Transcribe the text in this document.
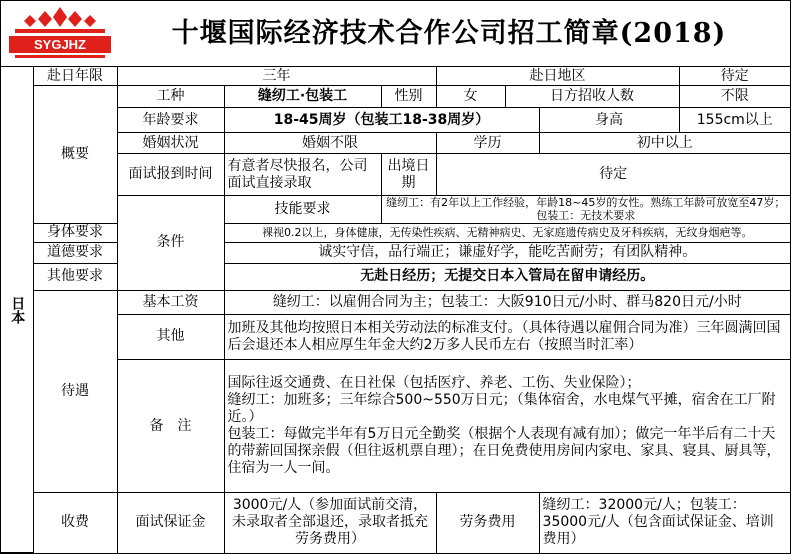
SYGJHZ	十堰国际经济技术合作公司招工简章(2018)
日本	赴日年限	三年			赴日地区			待定
	概要	工种	缝纫工·包装工	性别	女	日方招收人数		不限
		年龄要求	18-45周岁（包装工18-38周岁）				身高	155cm以上
		婚姻状况	婚姻不限		学历		初中以上	
		面试报到时间	有意者尽快报名，公司面试直接录取	出境日期	待定			
		条件	技能要求	缝纫工：有2年以上工作经验，年龄18~45岁的女性。熟练工年龄可放宽至47岁；包装工：无技术要求				
	身体要求		裸视0.2以上，身体健康，无传染性疾病、无精神病史、无家庭遗传病史及牙科疾病，无纹身烟疤等。					
	道德要求		诚实守信，品行端正；谦虚好学，能吃苦耐劳；有团队精神。					
	其他要求		无赴日经历；无提交日本入管局在留申请经历。					
	待遇	基本工资	缝纫工：以雇佣合同为主；包装工：大阪910日元/小时、群马820日元/小时					
		其他	加班及其他均按照日本相关劳动法的标准支付。（具体待遇以雇佣合同为准）三年圆满回国后会退还本人相应厚生年金大约2万多人民币左右（按照当时汇率）					
		备　注	国际往返交通费、在日社保（包括医疗、养老、工伤、失业保险）；
缝纫工：加班多；三年综合500~550万日元；（集体宿舍，水电煤气平摊，宿舍在工厂附近。）
包装工：每做完半年有5万日元全勤奖（根据个人表现有减有加）；做完一年半后有二十天的带薪回国探亲假（但往返机票自理）；在日免费使用房间内家电、家具、寝具、厨具等，住宿为一人一间。					

	收费	面试保证金	3000元/人（参加面试前交清，未录取者全部退还，录取者抵充劳务费用）		劳务费用		缝纫工：32000元/人；包装工：35000元/人（包含面试保证金、培训费用）	
